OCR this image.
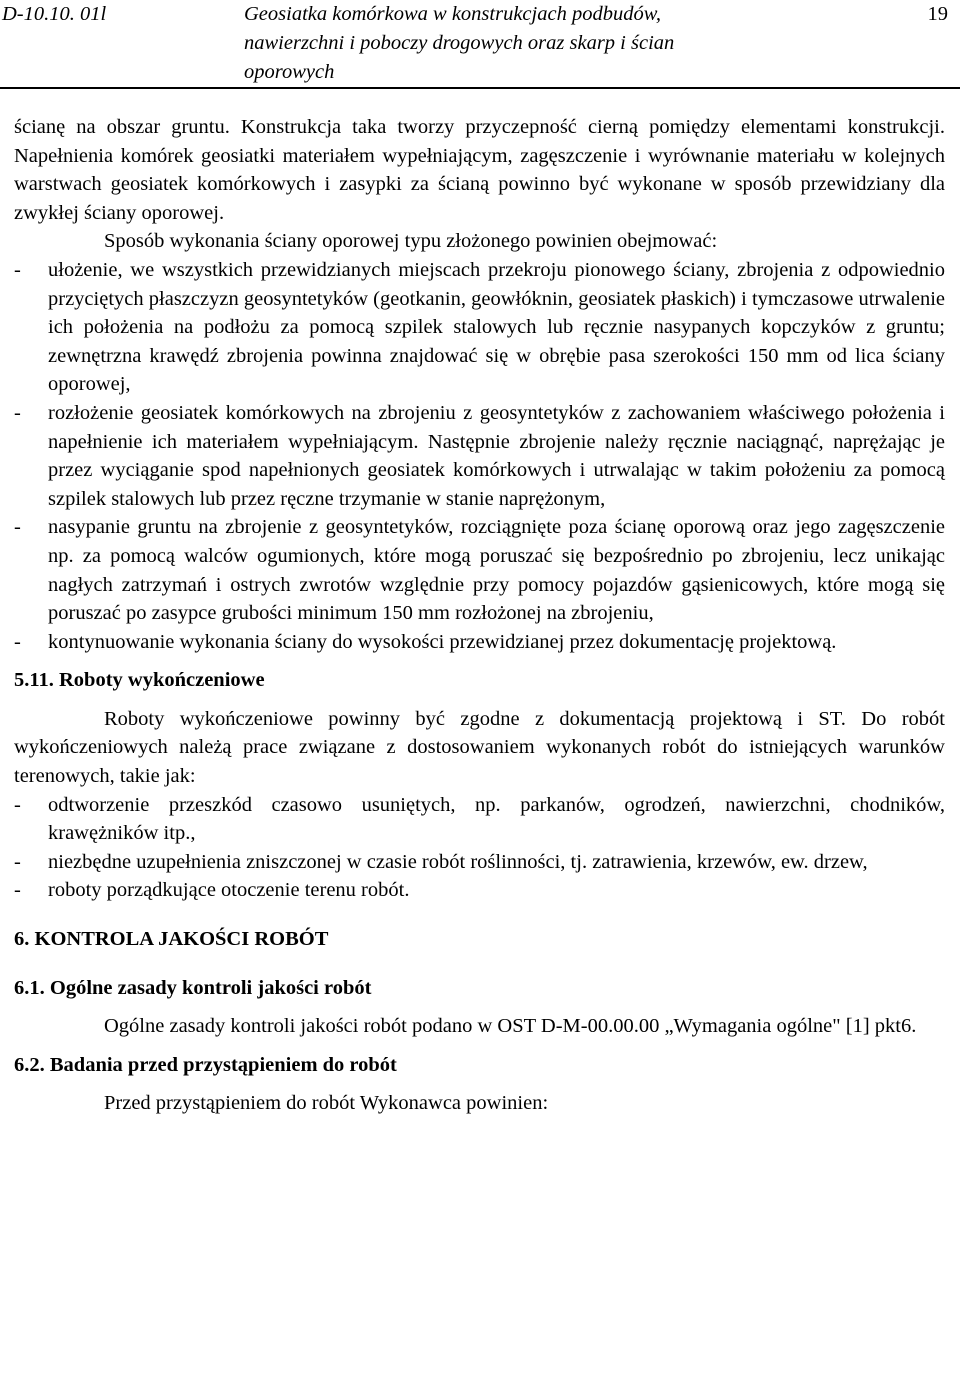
D-10.10. 01l	Geosiatka komórkowa w konstrukcjach podbudów,
nawierzchni i poboczy drogowych oraz skarp i ścian
oporowych
19

ścianę na obszar gruntu. Konstrukcja taka tworzy przyczepność cierną pomiędzy elementami konstrukcji. Napełnienia komórek geosiatki materiałem wypełniającym, zagęszczenie i wyrównanie materiału w kolejnych warstwach geosiatek komórkowych i zasypki za ścianą powinno być wykonane w sposób przewidziany dla zwykłej ściany oporowej.

Sposób wykonania ściany oporowej typu złożonego powinien obejmować:

- ułożenie, we wszystkich przewidzianych miejscach przekroju pionowego ściany, zbrojenia z odpowiednio przyciętych płaszczyzn geosyntetyków (geotkanin, geowłóknin, geosiatek płaskich) i tymczasowe utrwalenie ich położenia na podłożu za pomocą szpilek stalowych lub ręcznie nasypanych kopczyków z gruntu; zewnętrzna krawędź zbrojenia powinna znajdować się w obrębie pasa szerokości 150 mm od lica ściany oporowej,
- rozłożenie geosiatek komórkowych na zbrojeniu z geosyntetyków z zachowaniem właściwego położenia i napełnienie ich materiałem wypełniającym. Następnie zbrojenie należy ręcznie naciągnąć, naprężając je przez wyciąganie spod napełnionych geosiatek komórkowych i utrwalając w takim położeniu za pomocą szpilek stalowych lub przez ręczne trzymanie w stanie naprężonym,
- nasypanie gruntu na zbrojenie z geosyntetyków, rozciągnięte poza ścianę oporową oraz jego zagęszczenie np. za pomocą walców ogumionych, które mogą poruszać się bezpośrednio po zbrojeniu, lecz unikając nagłych zatrzymań i ostrych zwrotów względnie przy pomocy pojazdów gąsienicowych, które mogą się poruszać po zasypce grubości minimum 150 mm rozłożonej na zbrojeniu,
- kontynuowanie wykonania ściany do wysokości przewidzianej przez dokumentację projektową.
5.11. Roboty wykończeniowe

Roboty wykończeniowe powinny być zgodne z dokumentacją projektową i ST. Do robót wykończeniowych należą prace związane z dostosowaniem wykonanych robót do istniejących warunków terenowych, takie jak:

- odtworzenie przeszkód czasowo usuniętych, np. parkanów, ogrodzeń, nawierzchni, chodników, krawężników itp.,
- niezbędne uzupełnienia zniszczonej w czasie robót roślinności, tj. zatrawienia, krzewów, ew. drzew,
- roboty porządkujące otoczenie terenu robót.
6. KONTROLA JAKOŚCI ROBÓT
6.1. Ogólne zasady kontroli jakości robót

Ogólne zasady kontroli jakości robót podano w OST D-M-00.00.00 „Wymagania ogólne" [1] pkt6.

6.2. Badania przed przystąpieniem do robót

Przed przystąpieniem do robót Wykonawca powinien:
